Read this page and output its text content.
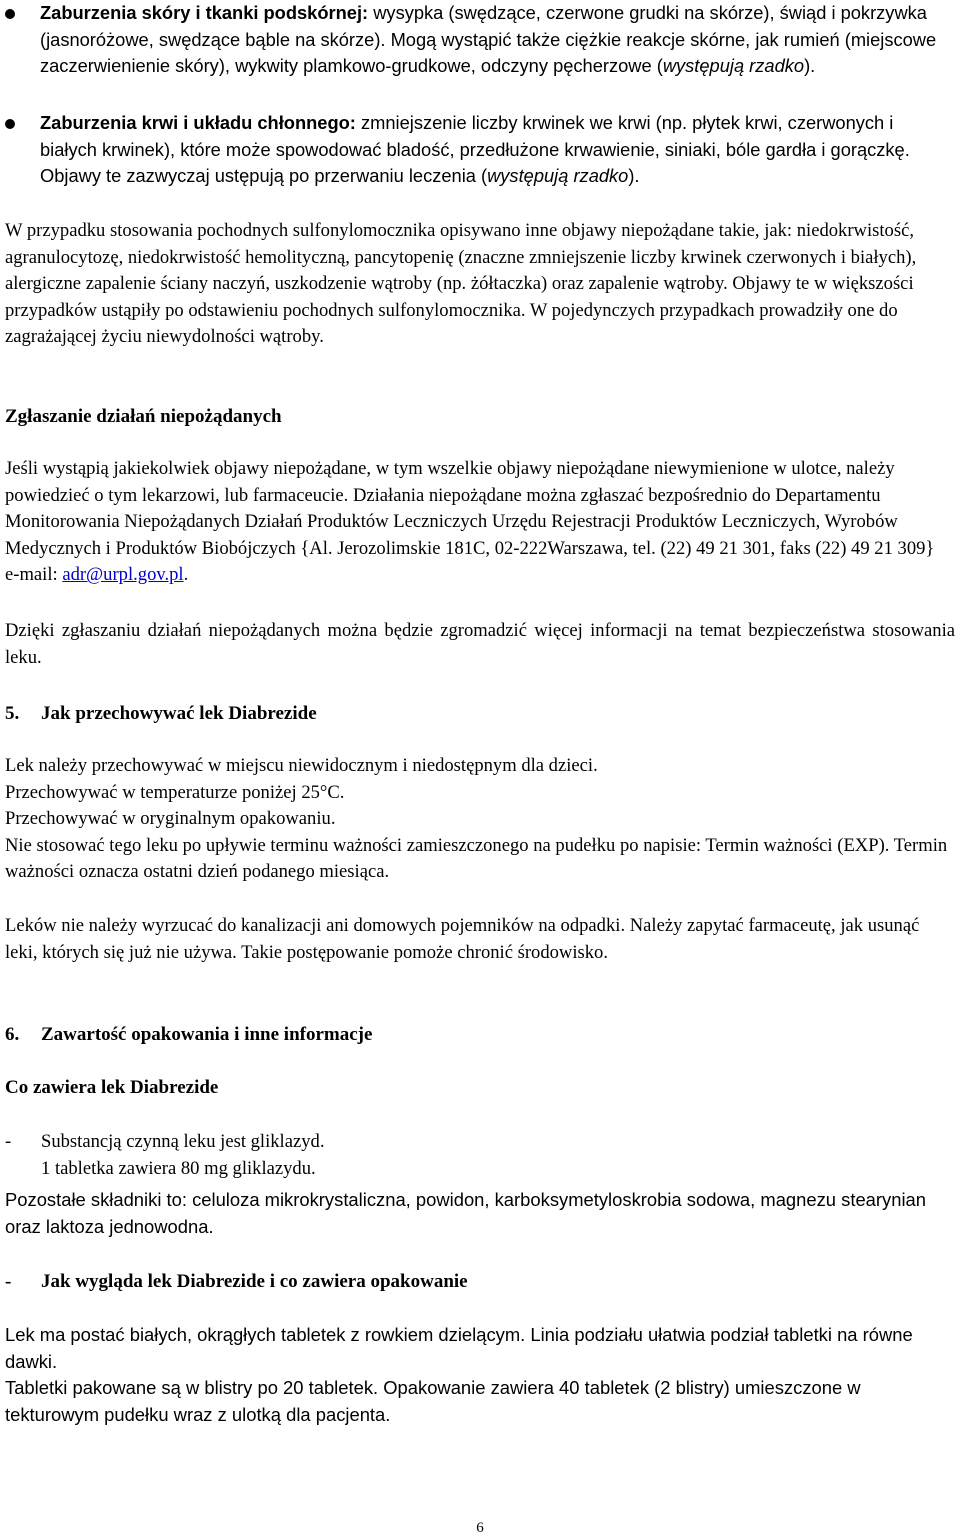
Zaburzenia skóry i tkanki podskórnej: wysypka (swędzące, czerwone grudki na skórze), świąd i pokrzywka (jasnoróżowe, swędzące bąble na skórze). Mogą wystąpić także ciężkie reakcje skórne, jak rumień (miejscowe zaczerwienienie skóry), wykwity plamkowo-grudkowe, odczyny pęcherzowe (występują rzadko).

Zaburzenia krwi i układu chłonnego: zmniejszenie liczby krwinek we krwi (np. płytek krwi, czerwonych i białych krwinek), które może spowodować bladość, przedłużone krwawienie, siniaki, bóle gardła i gorączkę. Objawy te zazwyczaj ustępują po przerwaniu leczenia (występują rzadko).

W przypadku stosowania pochodnych sulfonylomocznika opisywano inne objawy niepożądane takie, jak: niedokrwistość, agranulocytozę, niedokrwistość hemolityczną, pancytopenię (znaczne zmniejszenie liczby krwinek czerwonych i białych), alergiczne zapalenie ściany naczyń, uszkodzenie wątroby (np. żółtaczka) oraz zapalenie wątroby. Objawy te w większości przypadków ustąpiły po odstawieniu pochodnych sulfonylomocznika. W pojedynczych przypadkach prowadziły one do zagrażającej życiu niewydolności wątroby.

Zgłaszanie działań niepożądanych

Jeśli wystąpią jakiekolwiek objawy niepożądane, w tym wszelkie objawy niepożądane niewymienione w ulotce, należy powiedzieć o tym lekarzowi, lub farmaceucie. Działania niepożądane można zgłaszać bezpośrednio do Departamentu Monitorowania Niepożądanych Działań Produktów Leczniczych Urzędu Rejestracji Produktów Leczniczych, Wyrobów Medycznych i Produktów Biobójczych {Al. Jerozolimskie 181C, 02-222Warszawa, tel. (22) 49 21 301, faks (22) 49 21 309}
e-mail: adr@urpl.gov.pl.

Dzięki zgłaszaniu działań niepożądanych można będzie zgromadzić więcej informacji na temat bezpieczeństwa stosowania leku.

5. Jak przechowywać lek Diabrezide
Lek należy przechowywać w miejscu niewidocznym i niedostępnym dla dzieci.
Przechowywać w temperaturze poniżej 25°C.
Przechowywać w oryginalnym opakowaniu.
Nie stosować tego leku po upływie terminu ważności zamieszczonego na pudełku po napisie: Termin ważności (EXP). Termin ważności oznacza ostatni dzień podanego miesiąca.

Leków nie należy wyrzucać do kanalizacji ani domowych pojemników na odpadki. Należy zapytać farmaceutę, jak usunąć leki, których się już nie używa. Takie postępowanie pomoże chronić środowisko.

6. Zawartość opakowania i inne informacje
Co zawiera lek Diabrezide
- Substancją czynną leku jest gliklazyd.
1 tabletka zawiera 80 mg gliklazydu.

Pozostałe składniki to: celuloza mikrokrystaliczna, powidon, karboksymetyloskrobia sodowa, magnezu stearynian oraz laktoza jednowodna.

- Jak wygląda lek Diabrezide i co zawiera opakowanie

Lek ma postać białych, okrągłych tabletek z rowkiem dzielącym. Linia podziału ułatwia podział tabletki na równe dawki.

Tabletki pakowane są w blistry po 20 tabletek. Opakowanie zawiera 40 tabletek (2 blistry) umieszczone w tekturowym pudełku wraz z ulotką dla pacjenta.

6
